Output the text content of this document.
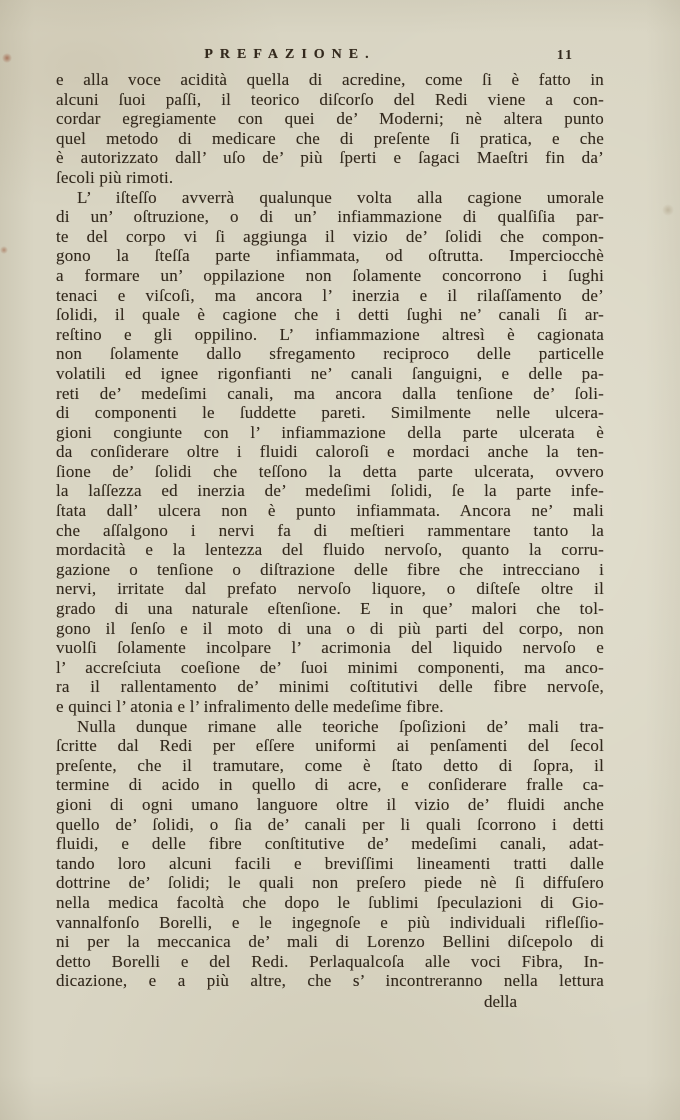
PREFAZIONE.	11

e alla voce acidità quella di acredine, come ſi è fatto in
alcuni ſuoi paſſi, il teorico diſcorſo del Redi viene a con-
cordar egregiamente con quei de’ Moderni; nè altera punto
quel metodo di medicare che di preſente ſi pratica, e che
è autorizzato dall’ uſo de’ più ſperti e ſagaci Maeſtri fin da’
ſecoli più rimoti.

L’ iſteſſo avverrà qualunque volta alla cagione umorale
di un’ oſtruzione, o di un’ infiammazione di qualſiſia par-
te del corpo vi ſi aggiunga il vizio de’ ſolidi che compon-
gono la ſteſſa parte infiammata, od oſtrutta. Imperciocchè
a formare un’ oppilazione non ſolamente concorrono i ſughi
tenaci e viſcoſi, ma ancora l’ inerzia e il rilaſſamento de’
ſolidi, il quale è cagione che i detti ſughi ne’ canali ſi ar-
reſtino e gli oppilino. L’ infiammazione altresì è cagionata
non ſolamente dallo sfregamento reciproco delle particelle
volatili ed ignee rigonfianti ne’ canali ſanguigni, e delle pa-
reti de’ medeſimi canali, ma ancora dalla tenſione de’ ſoli-
di componenti le ſuddette pareti. Similmente nelle ulcera-
gioni congiunte con l’ infiammazione della parte ulcerata è
da conſiderare oltre i fluidi caloroſi e mordaci anche la ten-
ſione de’ ſolidi che teſſono la detta parte ulcerata, ovvero
la laſſezza ed inerzia de’ medeſimi ſolidi, ſe la parte infe-
ſtata dall’ ulcera non è punto infiammata. Ancora ne’ mali
che aſſalgono i nervi fa di meſtieri rammentare tanto la
mordacità e la lentezza del fluido nervoſo, quanto la corru-
gazione o tenſione o diſtrazione delle fibre che intrecciano i
nervi, irritate dal prefato nervoſo liquore, o diſteſe oltre il
grado di una naturale eſtenſione. E in que’ malori che tol-
gono il ſenſo e il moto di una o di più parti del corpo, non
vuolſi ſolamente incolpare l’ acrimonia del liquido nervoſo e
l’ accreſciuta coeſione de’ ſuoi minimi componenti, ma anco-
ra il rallentamento de’ minimi coſtitutivi delle fibre nervoſe,
e quinci l’ atonia e l’ infralimento delle medeſime fibre.

Nulla dunque rimane alle teoriche ſpoſizioni de’ mali tra-
ſcritte dal Redi per eſſere uniformi ai penſamenti del ſecol
preſente, che il tramutare, come è ſtato detto di ſopra, il
termine di acido in quello di acre, e conſiderare fralle ca-
gioni di ogni umano languore oltre il vizio de’ fluidi anche
quello de’ ſolidi, o ſia de’ canali per li quali ſcorrono i detti
fluidi, e delle fibre conſtitutive de’ medeſimi canali, adat-
tando loro alcuni facili e breviſſimi lineamenti tratti dalle
dottrine de’ ſolidi; le quali non preſero piede nè ſi diffuſero
nella medica facoltà che dopo le ſublimi ſpeculazioni di Gio-
vannalfonſo Borelli, e le ingegnoſe e più individuali rifleſſio-
ni per la meccanica de’ mali di Lorenzo Bellini diſcepolo di
detto Borelli e del Redi. Perlaqualcoſa alle voci Fibra, In-
dicazione, e a più altre, che s’ incontreranno nella lettura

della
